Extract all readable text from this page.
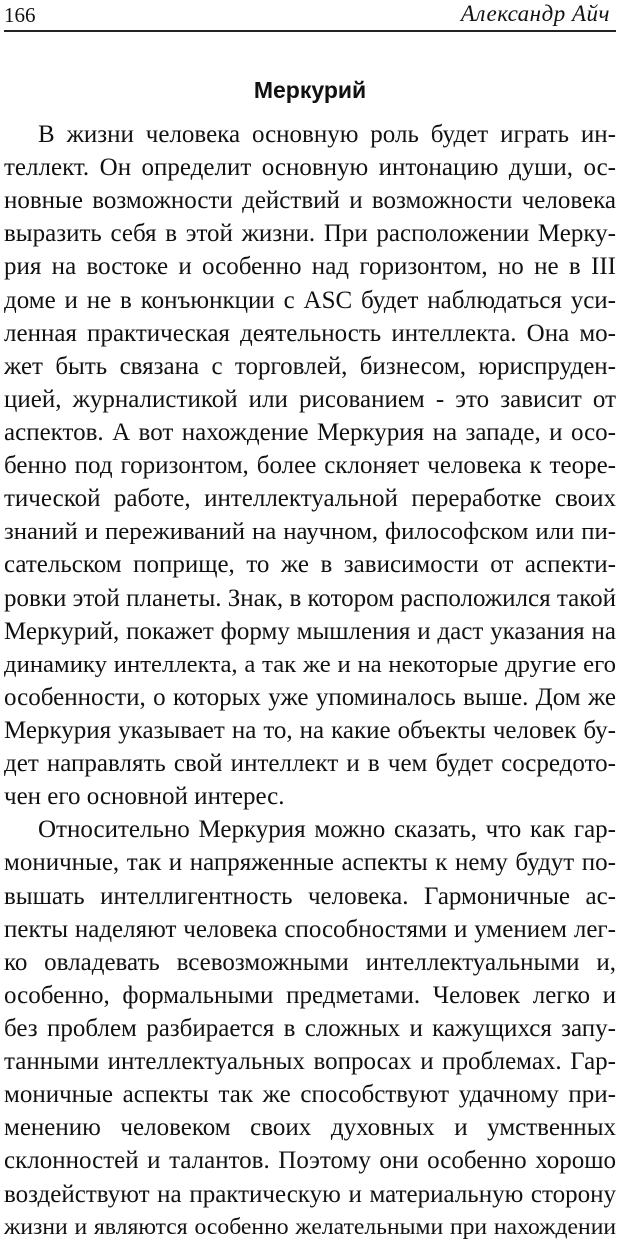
166	Александр Айч
Меркурий
В жизни человека основную роль будет играть ин-
теллект. Он определит основную интонацию души, ос-
новные возможности действий и возможности человека
выразить себя в этой жизни. При расположении Мерку-
рия на востоке и особенно над горизонтом, но не в III
доме и не в конъюнкции с ASC будет наблюдаться уси-
ленная практическая деятельность интеллекта. Она мо-
жет быть связана с торговлей, бизнесом, юриспруден-
цией, журналистикой или рисованием - это зависит от
аспектов. А вот нахождение Меркурия на западе, и осо-
бенно под горизонтом, более склоняет человека к теоре-
тической работе, интеллектуальной переработке своих
знаний и переживаний на научном, философском или пи-
сательском поприще, то же в зависимости от аспекти-
ровки этой планеты. Знак, в котором расположился такой
Меркурий, покажет форму мышления и даст указания на
динамику интеллекта, а так же и на некоторые другие его
особенности, о которых уже упоминалось выше. Дом же
Меркурия указывает на то, на какие объекты человек бу-
дет направлять свой интеллект и в чем будет сосредото-
чен его основной интерес.
Относительно Меркурия можно сказать, что как гар-
моничные, так и напряженные аспекты к нему будут по-
вышать интеллигентность человека. Гармоничные ас-
пекты наделяют человека способностями и умением лег-
ко овладевать всевозможными интеллектуальными и,
особенно, формальными предметами. Человек легко и
без проблем разбирается в сложных и кажущихся запу-
танными интеллектуальных вопросах и проблемах. Гар-
моничные аспекты так же способствуют удачному при-
менению человеком своих духовных и умственных
склонностей и талантов. Поэтому они особенно хорошо
воздействуют на практическую и материальную сторону
жизни и являются особенно желательными при нахождении
